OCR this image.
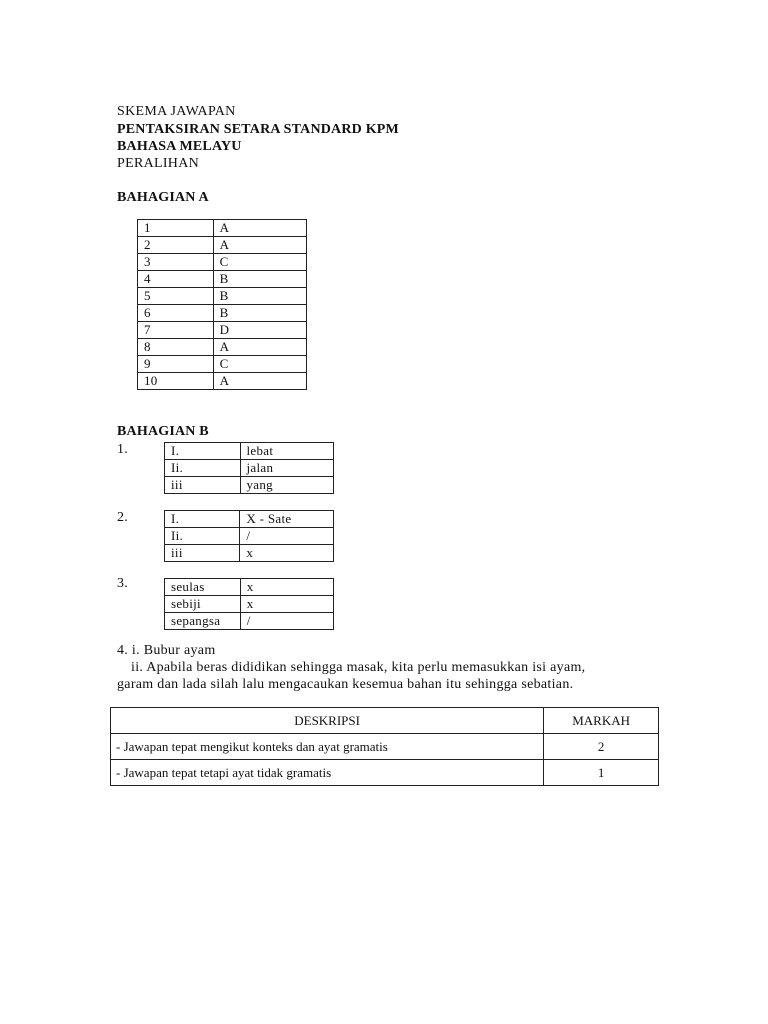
SKEMA JAWAPAN
PENTAKSIRAN SETARA STANDARD KPM
BAHASA MELAYU
PERALIHAN
BAHAGIAN A
1	A
2	A
3	C
4	B
5	B
6	B
7	D
8	A
9	C
10	A
BAHAGIAN B
1.	I.	lebat
Ii.	jalan
iii	yang
2.	I.	X - Sate
Ii.	/
iii	x
3.	seulas	x
sebiji	x
sepangsa	/
4. i. Bubur ayam
ii. Apabila beras dididikan sehingga masak, kita perlu memasukkan isi ayam,
garam dan lada silah lalu mengacaukan kesemua bahan itu sehingga sebatian.
DESKRIPSI	MARKAH
- Jawapan tepat mengikut konteks dan ayat gramatis	2
- Jawapan tepat tetapi ayat tidak gramatis	1
